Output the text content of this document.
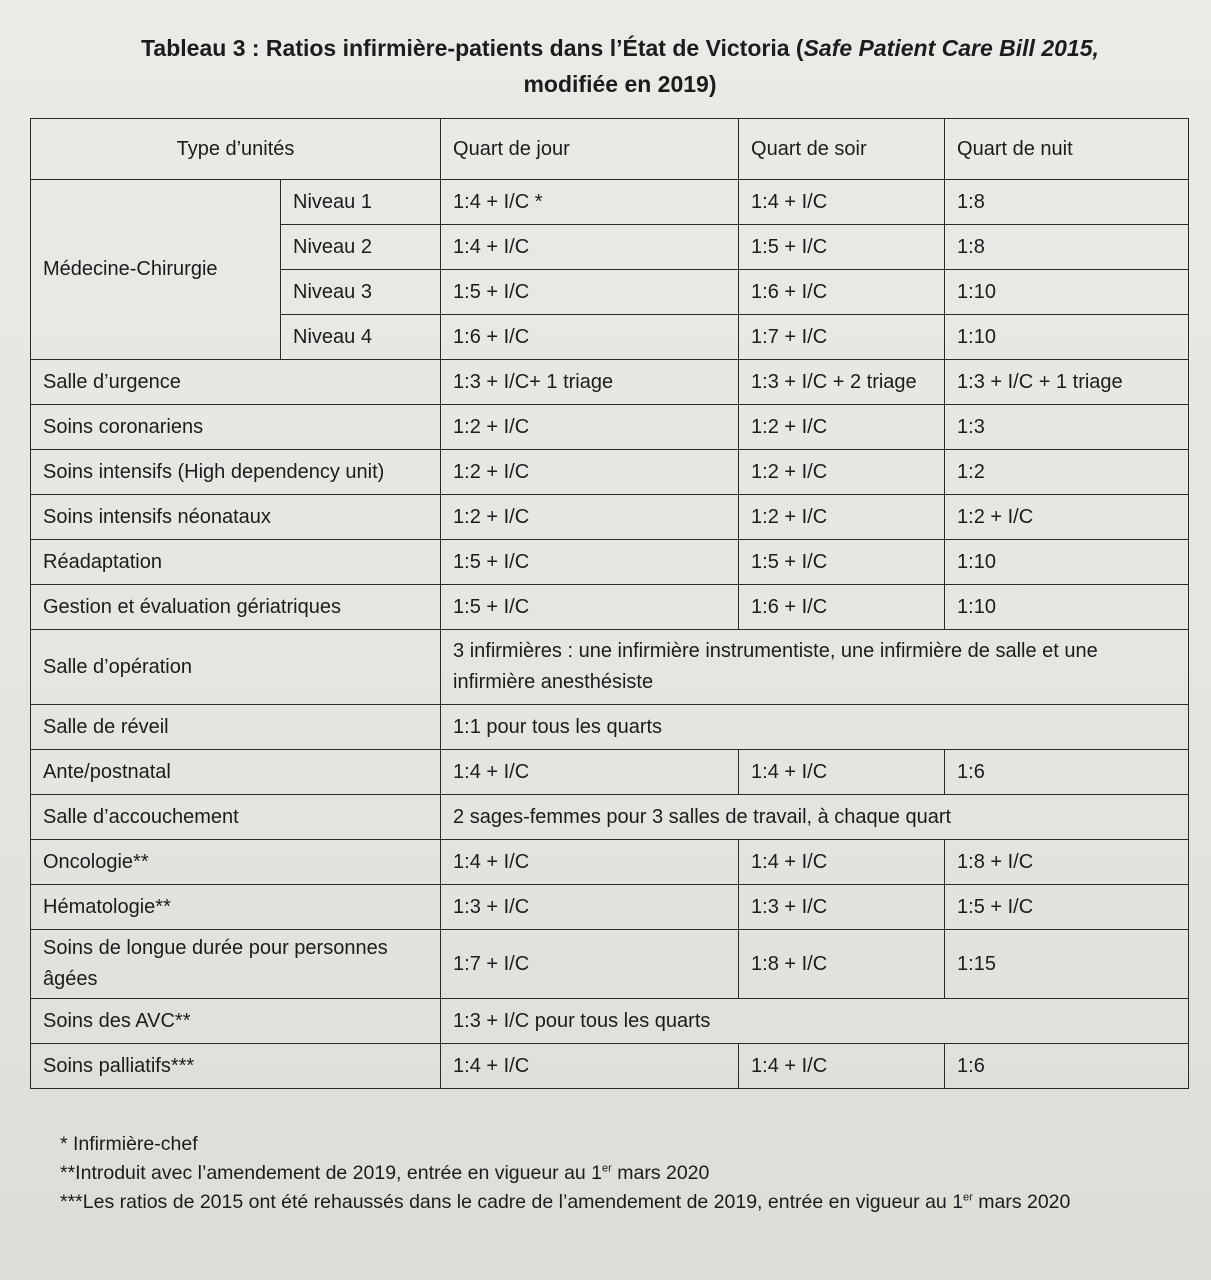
Tableau 3 : Ratios infirmière-patients dans l’État de Victoria (Safe Patient Care Bill 2015,
modifiée en 2019)
Type d’unités		Quart de jour	Quart de soir	Quart de nuit
Médecine-Chirurgie	Niveau 1	1:4 + I/C *	1:4 + I/C	1:8
	Niveau 2	1:4 + I/C	1:5 + I/C	1:8
	Niveau 3	1:5 + I/C	1:6 + I/C	1:10
	Niveau 4	1:6 + I/C	1:7 + I/C	1:10
Salle d’urgence		1:3 + I/C+ 1 triage	1:3 + I/C + 2 triage	1:3 + I/C + 1 triage
Soins coronariens		1:2 + I/C	1:2 + I/C	1:3
Soins intensifs (High dependency unit)		1:2 + I/C	1:2 + I/C	1:2
Soins intensifs néonataux		1:2 + I/C	1:2 + I/C	1:2 + I/C
Réadaptation		1:5 + I/C	1:5 + I/C	1:10
Gestion et évaluation gériatriques		1:5 + I/C	1:6 + I/C	1:10
Salle d’opération		3 infirmières : une infirmière instrumentiste, une infirmière de salle et une infirmière anesthésiste		
Salle de réveil		1:1 pour tous les quarts		
Ante/postnatal		1:4 + I/C	1:4 + I/C	1:6
Salle d’accouchement		2 sages-femmes pour 3 salles de travail, à chaque quart		
Oncologie**		1:4 + I/C	1:4 + I/C	1:8 + I/C
Hématologie**		1:3 + I/C	1:3 + I/C	1:5 + I/C
Soins de longue durée pour personnes âgées		1:7 + I/C	1:8 + I/C	1:15
Soins des AVC**		1:3 + I/C pour tous les quarts		
Soins palliatifs***		1:4 + I/C	1:4 + I/C	1:6
* Infirmière-chef
**Introduit avec l’amendement de 2019, entrée en vigueur au 1er mars 2020
***Les ratios de 2015 ont été rehaussés dans le cadre de l’amendement de 2019, entrée en vigueur au 1er mars 2020
